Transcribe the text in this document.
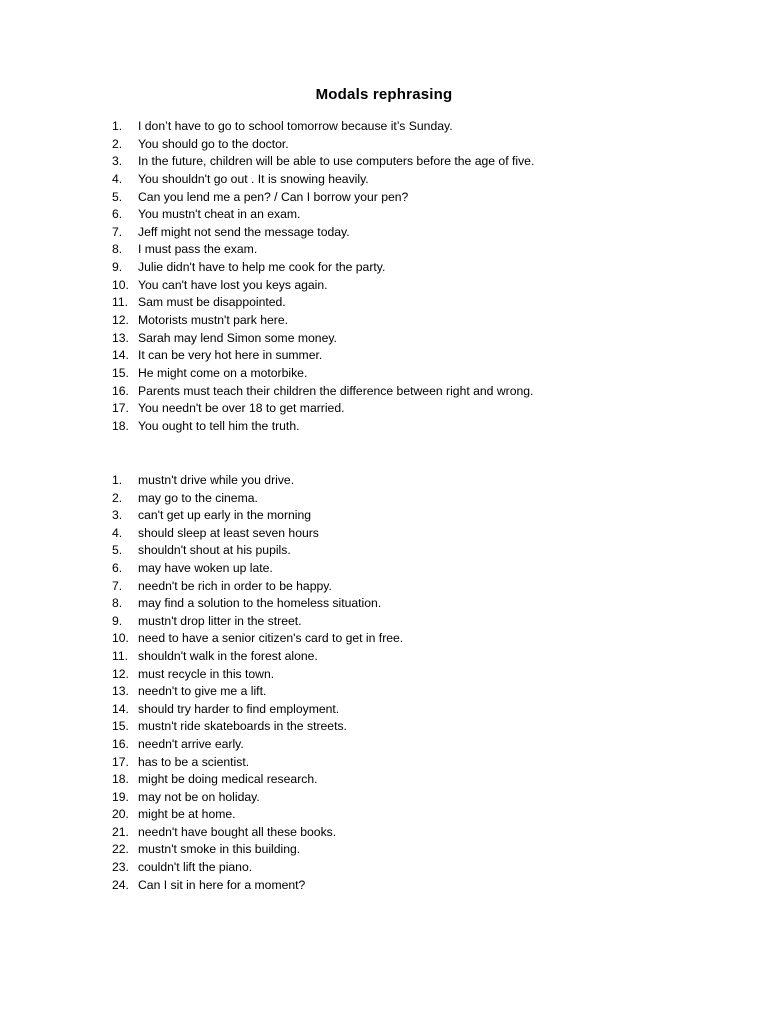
Modals rephrasing
1.	I don’t have to go to school tomorrow because it’s Sunday.
2.	You should go to the doctor.
3.	In the future, children will be able to use computers before the age of five.
4.	You shouldn't go out . It is snowing heavily.
5.	Can you lend me a pen? / Can I borrow your pen?
6.	You mustn't cheat in an exam.
7.	Jeff might not send the message today.
8.	I must pass the exam.
9.	Julie didn't have to help me cook for the party.
10. You can't have lost you keys again.
11. Sam must be disappointed.
12. Motorists mustn't park here.
13. Sarah may lend Simon some money.
14. It can be very hot here in summer.
15. He might come on a motorbike.
16. Parents must teach their children the difference between right and wrong.
17. You needn't be over 18 to get married.
18. You ought to tell him the truth.
1.	mustn't drive while you drive.
2.	may go to the cinema.
3.	can't get up early in the morning
4.	should sleep at least seven hours
5.	shouldn't shout at his pupils.
6.	may have woken up late.
7.	needn't be rich in order to be happy.
8.	may find a solution to the homeless situation.
9.	mustn't drop litter in the street.
10. need to have a senior citizen's card to get in free.
11. shouldn't walk in the forest alone.
12. must recycle in this town.
13. needn't to give me a lift.
14. should try harder to find employment.
15. mustn't ride skateboards in the streets.
16. needn't arrive early.
17. has to be a scientist.
18. might be doing medical research.
19. may not be on holiday.
20. might be at home.
21. needn't have bought all these books.
22. mustn't smoke in this building.
23. couldn't lift the piano.
24. Can I sit in here for a moment?
